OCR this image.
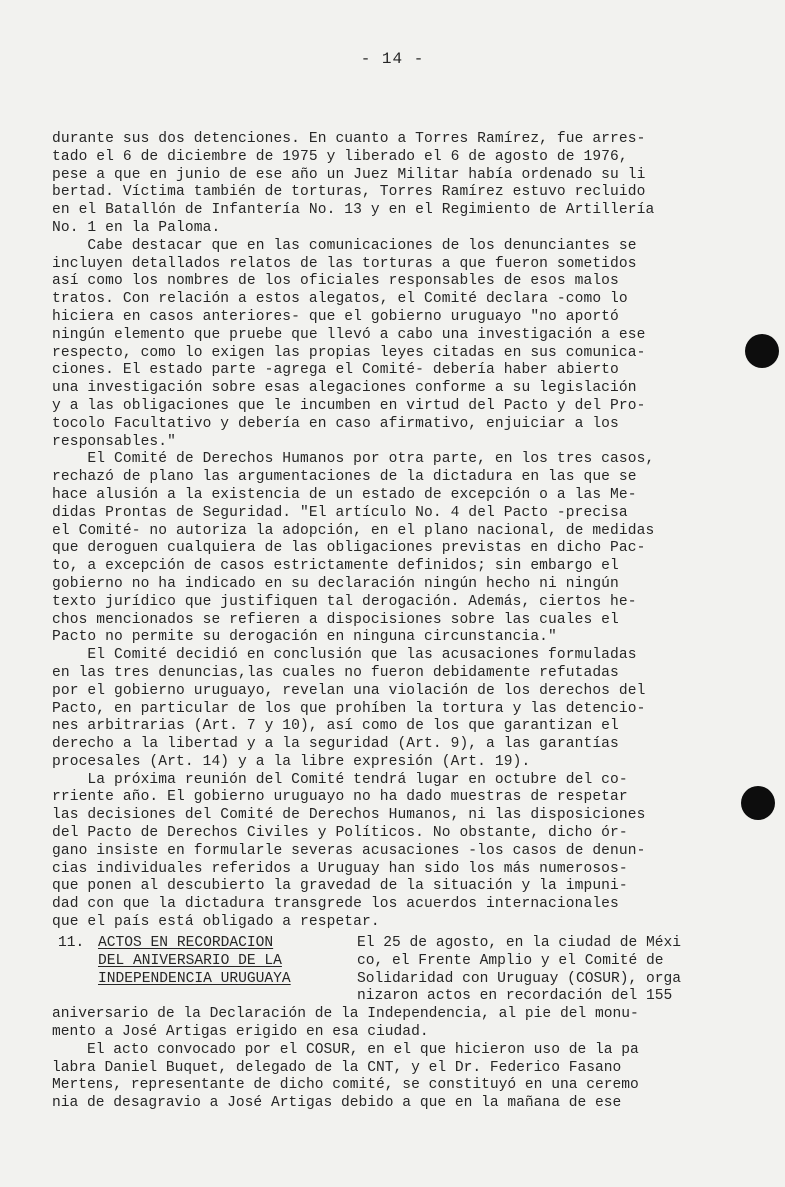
- 14 -
durante sus dos detenciones. En cuanto a Torres Ramírez, fue arres-
tado el 6 de diciembre de 1975 y liberado el 6 de agosto de 1976,
pese a que en junio de ese año un Juez Militar había ordenado su li
bertad. Víctima también de torturas, Torres Ramírez estuvo recluido
en el Batallón de Infantería No. 13 y en el Regimiento de Artillería
No. 1 en la Paloma.
Cabe destacar que en las comunicaciones de los denunciantes se
incluyen detallados relatos de las torturas a que fueron sometidos
así como los nombres de los oficiales responsables de esos malos
tratos. Con relación a estos alegatos, el Comité declara -como lo
hiciera en casos anteriores- que el gobierno uruguayo "no aportó
ningún elemento que pruebe que llevó a cabo una investigación a ese
respecto, como lo exigen las propias leyes citadas en sus comunica-
ciones. El estado parte -agrega el Comité- debería haber abierto
una investigación sobre esas alegaciones conforme a su legislación
y a las obligaciones que le incumben en virtud del Pacto y del Pro-
tocolo Facultativo y debería en caso afirmativo, enjuiciar a los
responsables."
El Comité de Derechos Humanos por otra parte, en los tres casos,
rechazó de plano las argumentaciones de la dictadura en las que se
hace alusión a la existencia de un estado de excepción o a las Me-
didas Prontas de Seguridad. "El artículo No. 4 del Pacto -precisa
el Comité- no autoriza la adopción, en el plano nacional, de medidas
que deroguen cualquiera de las obligaciones previstas en dicho Pac-
to, a excepción de casos estrictamente definidos; sin embargo el
gobierno no ha indicado en su declaración ningún hecho ni ningún
texto jurídico que justifiquen tal derogación. Además, ciertos he-
chos mencionados se refieren a dispocisiones sobre las cuales el
Pacto no permite su derogación en ninguna circunstancia."
El Comité decidió en conclusión que las acusaciones formuladas
en las tres denuncias,las cuales no fueron debidamente refutadas
por el gobierno uruguayo, revelan una violación de los derechos del
Pacto, en particular de los que prohíben la tortura y las detencio-
nes arbitrarias (Art. 7 y 10), así como de los que garantizan el
derecho a la libertad y a la seguridad (Art. 9), a las garantías
procesales (Art. 14) y a la libre expresión (Art. 19).
La próxima reunión del Comité tendrá lugar en octubre del co-
rriente año. El gobierno uruguayo no ha dado muestras de respetar
las decisiones del Comité de Derechos Humanos, ni las disposiciones
del Pacto de Derechos Civiles y Políticos. No obstante, dicho ór-
gano insiste en formularle severas acusaciones -los casos de denun-
cias individuales referidos a Uruguay han sido los más numerosos-
que ponen al descubierto la gravedad de la situación y la impuni-
dad con que la dictadura transgrede los acuerdos internacionales
que el país está obligado a respetar.
11. ACTOS EN RECORDACION
DEL ANIVERSARIO DE LA
INDEPENDENCIA URUGUAYA
El 25 de agosto, en la ciudad de Méxi
co, el Frente Amplio y el Comité de
Solidaridad con Uruguay (COSUR), orga
nizaron actos en recordación del 155
aniversario de la Declaración de la Independencia, al pie del monu-
mento a José Artigas erigido en esa ciudad.
El acto convocado por el COSUR, en el que hicieron uso de la pa
labra Daniel Buquet, delegado de la CNT, y el Dr. Federico Fasano
Mertens, representante de dicho comité, se constituyó en una ceremo
nia de desagravio a José Artigas debido a que en la mañana de ese
